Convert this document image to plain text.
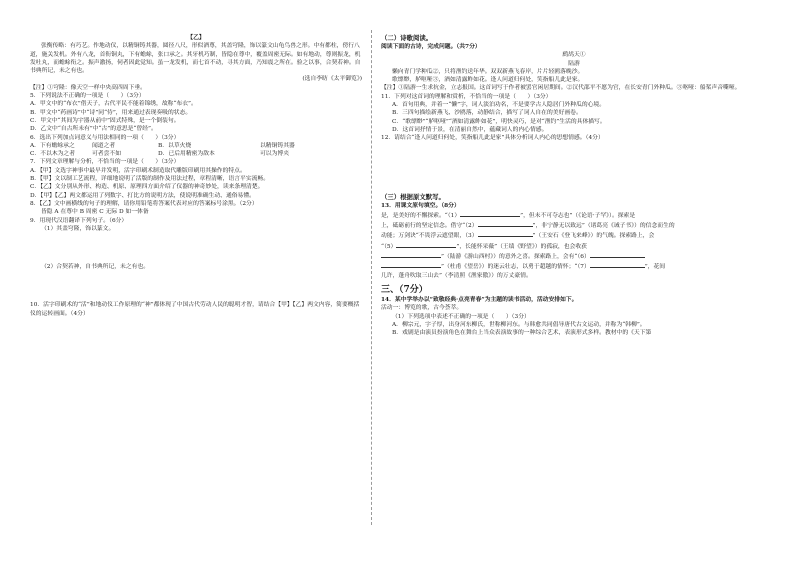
【乙】

张衡传略：有巧艺。作地动仪，以精铜铸其器，圆径八尺，形似酒尊，其盖穹隆，饰以篆文山龟鸟兽之形。中有都柱，傍行八道，施关发机。外有八龙，首衔铜丸，下有蟾蜍，张口承之。其牙机巧制，皆隐在尊中，覆盖周密无际。如有地动，尊则振龙，机发吐丸，而蟾蜍衔之。振声激扬，伺者因此觉知。虽一龙发机，而七首不动，寻其方面，乃知震之所在。验之以事，合契若神。自书典所记，未之有也。

(选自李昉《太平御览》)

【注】①穹隆：像天空一样中央高四周下垂。

5．下列说法不正确的一项是（　　）（3分）

A．甲文中的“布衣”借天子，古代平民不能着锦绣，故称“布衣”。

B．甲文中“药画诗”中“诗”同“侍”，用来通过表现奏吸的状态。

C．甲文中“其间为宇器从前中”固式特殊，是一个倒装句。

D．乙文中“自古所未有”中“古”的意思是“曾经”。

6．选出下列加点词意义与用法相同的一项（　　）（3分）

A．下有蟾蜍承之	闻道之者	B．以草火烧	以精铜铸其器
C．不以木为之者	可者尝不如	D．已后用精密为敌本	可以为博夹

7．下列文章理解与分析，不恰当的一项是（　　）（3分）

A．【甲】文选字神事中最早并发明，活字印刷术制造取代雕版印刷用其操作的特点。

B．【甲】文以制工艺流程，详细地说明了活版的制作及用法过程，章程清晰，语言平实流畅。

C．【乙】文分别从外形、构造、机原、原理四方面介绍了仪器的神奇妙处，读来条理清楚。

D．【甲】【乙】两文都运用了列数字、打比方的说明方法，使说明准确生动、通俗易懂。

8．【乙】文中画横线的句子的理解，请你用铅笔将答案代表对应的答案标号涂黑。（2分）

皆隐 A 在尊中 B 周密 C 无际 D 如一体备

9．用现代汉语翻译下列句子。（6分）

（1）其盖穹隆，饰以篆文。

（2）合契若神，自书典所记，未之有也。

10．活字印刷术的“活”和地动仪工作原理的“神”都体现了中国古代劳动人民的聪明才智，请结合【甲】【乙】两文内容，简要概括仪的运转画面。（4分）

（二）诗歌阅读。

阅读下面的古诗，完成问题。（共7分）

鹧鸪天①

陆游

懒向青门学种瓜②，只将渔钓送年华。双双新燕飞春岸，片片轻鸥落晚沙。

歌缥缈，舻呕哑③，酒如清露鲊如花。逢人问道归何处，笑指船儿此是家。

【注】①陆游一生求抗金，立志报国。这首词写于作者被罢官闲居期间。②汉代邵平不愿为官，在长安青门外种瓜。③呕哑：船桨声音嘶哑。

11．下列对这首词的理解和赏析，不恰当的一项是（　　）（3分）

A．首句用典，并着一“懒”字，词人淡泊功名，不是要学古人隐居门外种瓜的心境。

B．三四句描绘新燕飞、沙鸥落，动静结合，描写了词人自在的美好画卷。

C．“歌缥缈”“舻呕哑”“酒如清露鲊如花”，明快灵巧，是对“渔钓”生活的具体描写。

D．这首词抒情于景，在清丽自然中，蕴藏词人的内心情感。

12．请结合“逢人问道归何处，笑指船儿此是家”具体分析词人内心的思想情感。（4分）

（三）根据原文默写。

13．用课文原句填空。（8分）

是，是美好的不懈探索。“（1）	”，但未不可夺志也”（《论语·子罕》）。探索是

上，砥砺前行的坚定信念。借守“（2）	”，非宁静无以致远”（诸葛亮《诫子书》）的信念而生的

动能；万剑诀“不畏浮云遮望眼，（3）	”（王安石《登飞来峰》）的气魄。探索路上，会

“（5）	”，长能怀采薇”（王绩《野望》）的孤寂，也会收获

”（陆游《游山西村》）的意外之喜。探索路上，会有“（6）

”（杜甫《望岳》）的迷云壮志，以勇于超越的情怀；“（7）	”，花间

几许，蓬舟吹取三山去”（李清照《渔家傲》）的万丈豪情。

三、（7分）

14．某中学举办以“致敬经典·点亮青春”为主题的读书活动，活动安排如下。

活动一：博览的歌，古今荟萃。

（1）下列选项中表述不正确的一项是（　　）（3分）

A．柳宗元，字子厚，出身河东柳氏，世称柳河东。与韩愈共同倡导唐代古文运动，并称为“韩柳”。

B．戏剧是由演员扮演角色在舞台上当众表演故事的一种综合艺术，表演形式多样。教材中的《天下第
